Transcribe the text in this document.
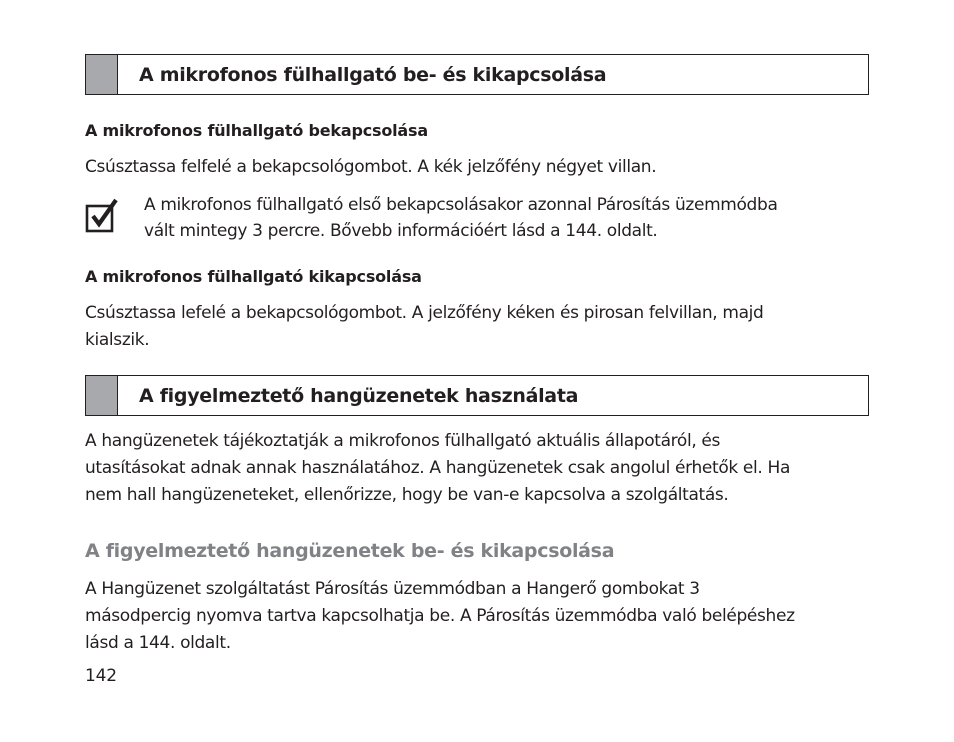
A mikrofonos fülhallgató be- és kikapcsolása
A mikrofonos fülhallgató bekapcsolása

Csúsztassa felfelé a bekapcsológombot. A kék jelzőfény négyet villan.

A mikrofonos fülhallgató első bekapcsolásakor azonnal Párosítás üzemmódba
vált mintegy 3 percre. Bővebb információért lásd a 144. oldalt.

A mikrofonos fülhallgató kikapcsolása

Csúsztassa lefelé a bekapcsológombot. A jelzőfény kéken és pirosan felvillan, majd
kialszik.

A figyelmeztető hangüzenetek használata

A hangüzenetek tájékoztatják a mikrofonos fülhallgató aktuális állapotáról, és
utasításokat adnak annak használatához. A hangüzenetek csak angolul érhetők el. Ha
nem hall hangüzeneteket, ellenőrizze, hogy be van-e kapcsolva a szolgáltatás.

A figyelmeztető hangüzenetek be- és kikapcsolása

A Hangüzenet szolgáltatást Párosítás üzemmódban a Hangerő gombokat 3
másodpercig nyomva tartva kapcsolhatja be. A Párosítás üzemmódba való belépéshez
lásd a 144. oldalt.

142
